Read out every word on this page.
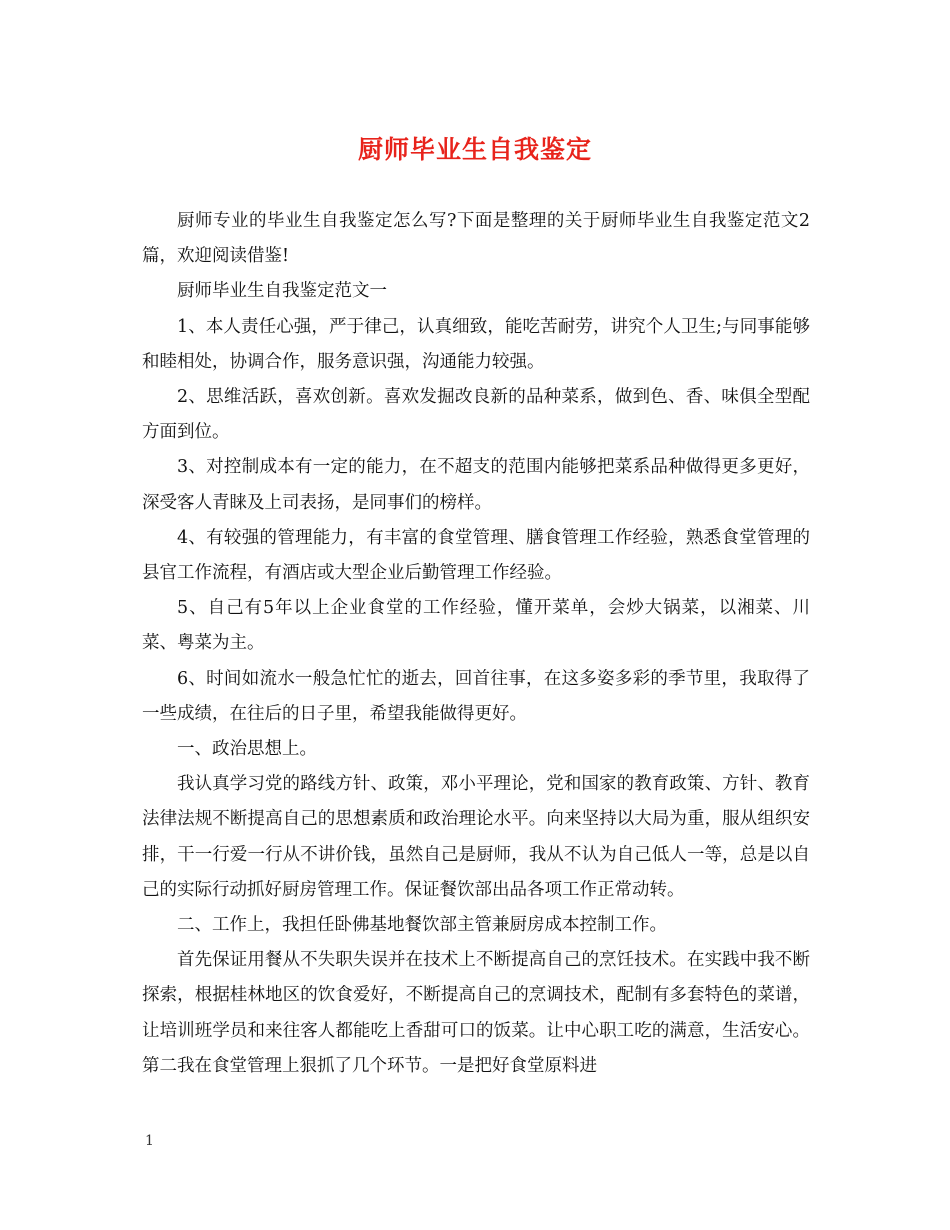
厨师毕业生自我鉴定

厨师专业的毕业生自我鉴定怎么写?下面是整理的关于厨师毕业生自我鉴定范文2篇，欢迎阅读借鉴!

厨师毕业生自我鉴定范文一

1、本人责任心强，严于律己，认真细致，能吃苦耐劳，讲究个人卫生;与同事能够和睦相处，协调合作，服务意识强，沟通能力较强。

2、思维活跃，喜欢创新。喜欢发掘改良新的品种菜系，做到色、香、味俱全型配方面到位。

3、对控制成本有一定的能力，在不超支的范围内能够把菜系品种做得更多更好，深受客人青睐及上司表扬，是同事们的榜样。

4、有较强的管理能力，有丰富的食堂管理、膳食管理工作经验，熟悉食堂管理的县官工作流程，有酒店或大型企业后勤管理工作经验。

5、自己有5年以上企业食堂的工作经验，懂开菜单，会炒大锅菜，以湘菜、川菜、粤菜为主。

6、时间如流水一般急忙忙的逝去，回首往事，在这多姿多彩的季节里，我取得了一些成绩，在往后的日子里，希望我能做得更好。

一、政治思想上。

我认真学习党的路线方针、政策，邓小平理论，党和国家的教育政策、方针、教育法律法规不断提高自己的思想素质和政治理论水平。向来坚持以大局为重，服从组织安排，干一行爱一行从不讲价钱，虽然自己是厨师，我从不认为自己低人一等，总是以自己的实际行动抓好厨房管理工作。保证餐饮部出品各项工作正常动转。

二、工作上，我担任卧佛基地餐饮部主管兼厨房成本控制工作。

首先保证用餐从不失职失误并在技术上不断提高自己的烹饪技术。在实践中我不断探索，根据桂林地区的饮食爱好，不断提高自己的烹调技术，配制有多套特色的菜谱，让培训班学员和来往客人都能吃上香甜可口的饭菜。让中心职工吃的满意，生活安心。第二我在食堂管理上狠抓了几个环节。一是把好食堂原料进

1
